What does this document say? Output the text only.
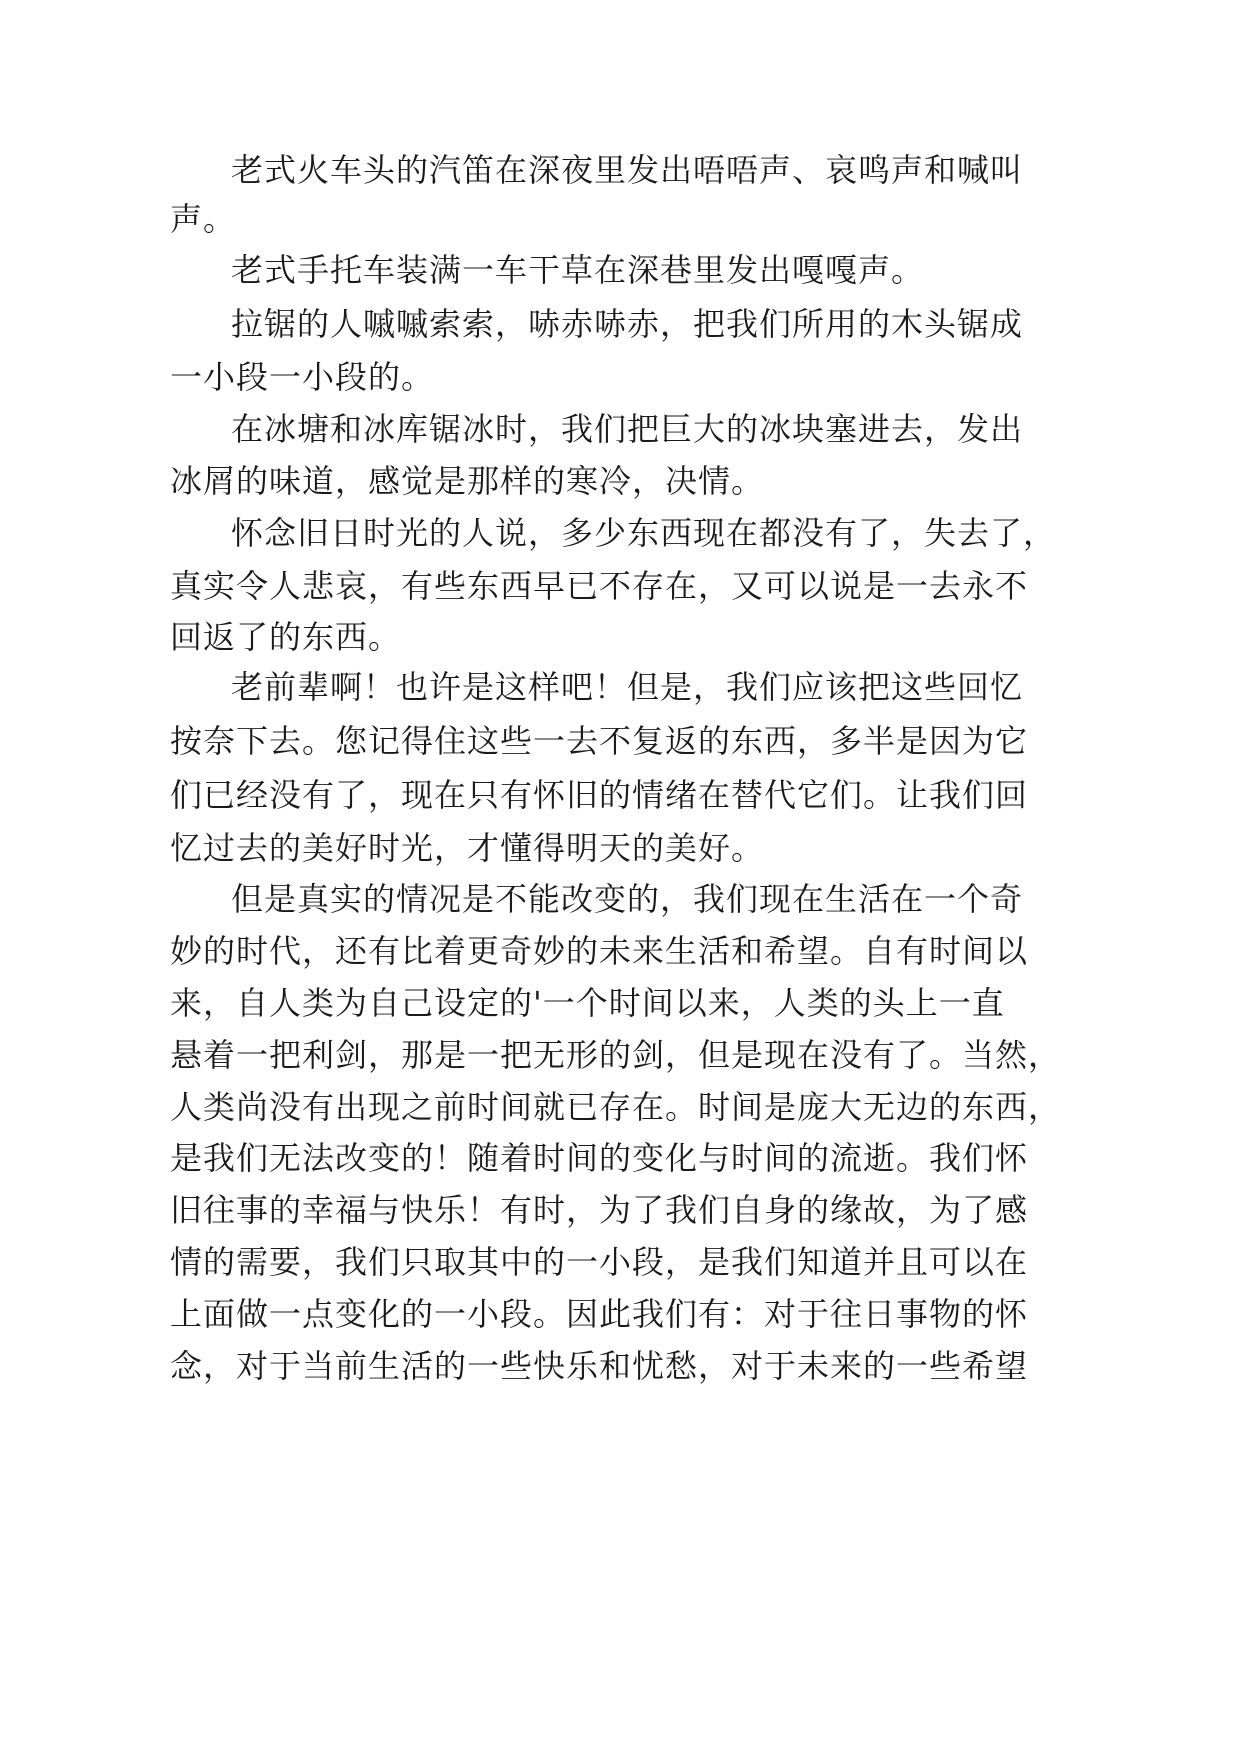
老式火车头的汽笛在深夜里发出唔唔声、哀鸣声和喊叫
声。
老式手托车装满一车干草在深巷里发出嘎嘎声。
拉锯的人嘁嘁索索，哧赤哧赤，把我们所用的木头锯成
一小段一小段的。
在冰塘和冰库锯冰时，我们把巨大的冰块塞进去，发出
冰屑的味道，感觉是那样的寒冷，决情。
怀念旧日时光的人说，多少东西现在都没有了，失去了，
真实令人悲哀，有些东西早已不存在，又可以说是一去永不
回返了的东西。
老前辈啊！也许是这样吧！但是，我们应该把这些回忆
按奈下去。您记得住这些一去不复返的东西，多半是因为它
们已经没有了，现在只有怀旧的情绪在替代它们。让我们回
忆过去的美好时光，才懂得明天的美好。
但是真实的情况是不能改变的，我们现在生活在一个奇
妙的时代，还有比着更奇妙的未来生活和希望。自有时间以
来，自人类为自己设定的'一个时间以来，人类的头上一直
悬着一把利剑，那是一把无形的剑，但是现在没有了。当然，
人类尚没有出现之前时间就已存在。时间是庞大无边的东西，
是我们无法改变的！随着时间的变化与时间的流逝。我们怀
旧往事的幸福与快乐！有时，为了我们自身的缘故，为了感
情的需要，我们只取其中的一小段，是我们知道并且可以在
上面做一点变化的一小段。因此我们有：对于往日事物的怀
念，对于当前生活的一些快乐和忧愁，对于未来的一些希望
